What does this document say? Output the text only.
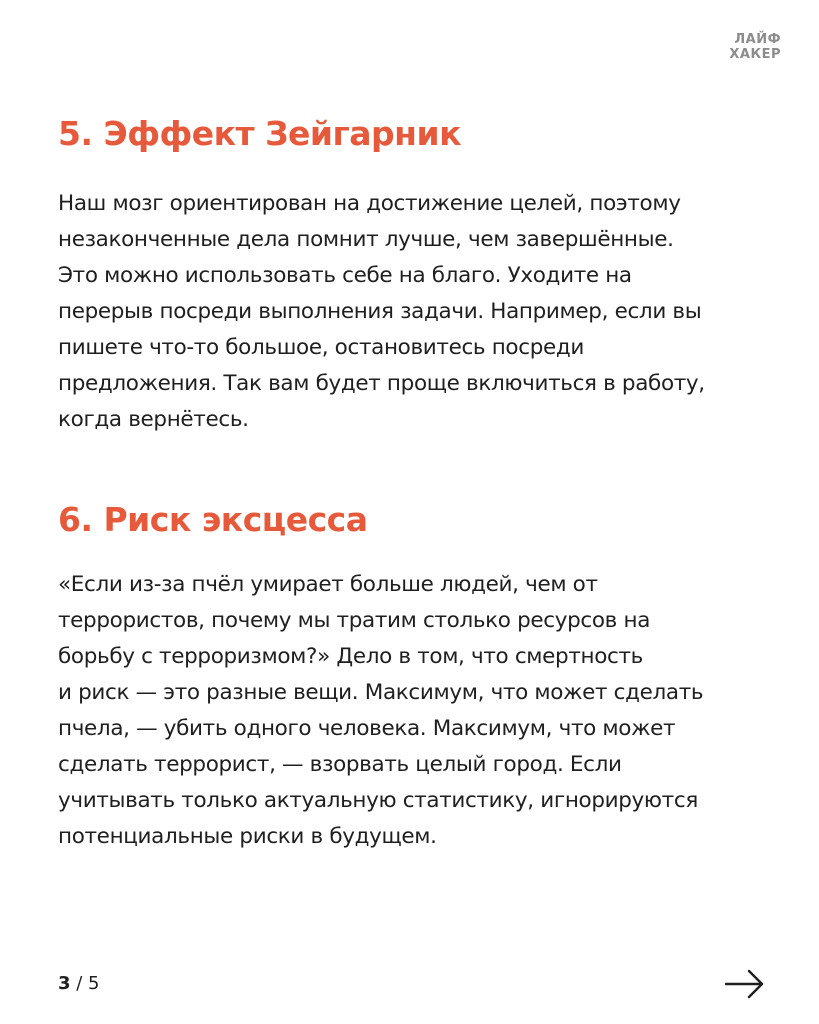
ЛАЙФ
ХАКЕР
5. Эффект Зейгарник
Наш мозг ориентирован на достижение целей, поэтому
незаконченные дела помнит лучше, чем завершённые.
Это можно использовать себе на благо. Уходите на
перерыв посреди выполнения задачи. Например, если вы
пишете что-то большое, остановитесь посреди
предложения. Так вам будет проще включиться в работу,
когда вернётесь.
6. Риск эксцесса
«Если из-за пчёл умирает больше людей, чем от
террористов, почему мы тратим столько ресурсов на
борьбу с терроризмом?» Дело в том, что смертность
и риск — это разные вещи. Максимум, что может сделать
пчела, — убить одного человека. Максимум, что может
сделать террорист, — взорвать целый город. Если
учитывать только актуальную статистику, игнорируются
потенциальные риски в будущем.
3 / 5
